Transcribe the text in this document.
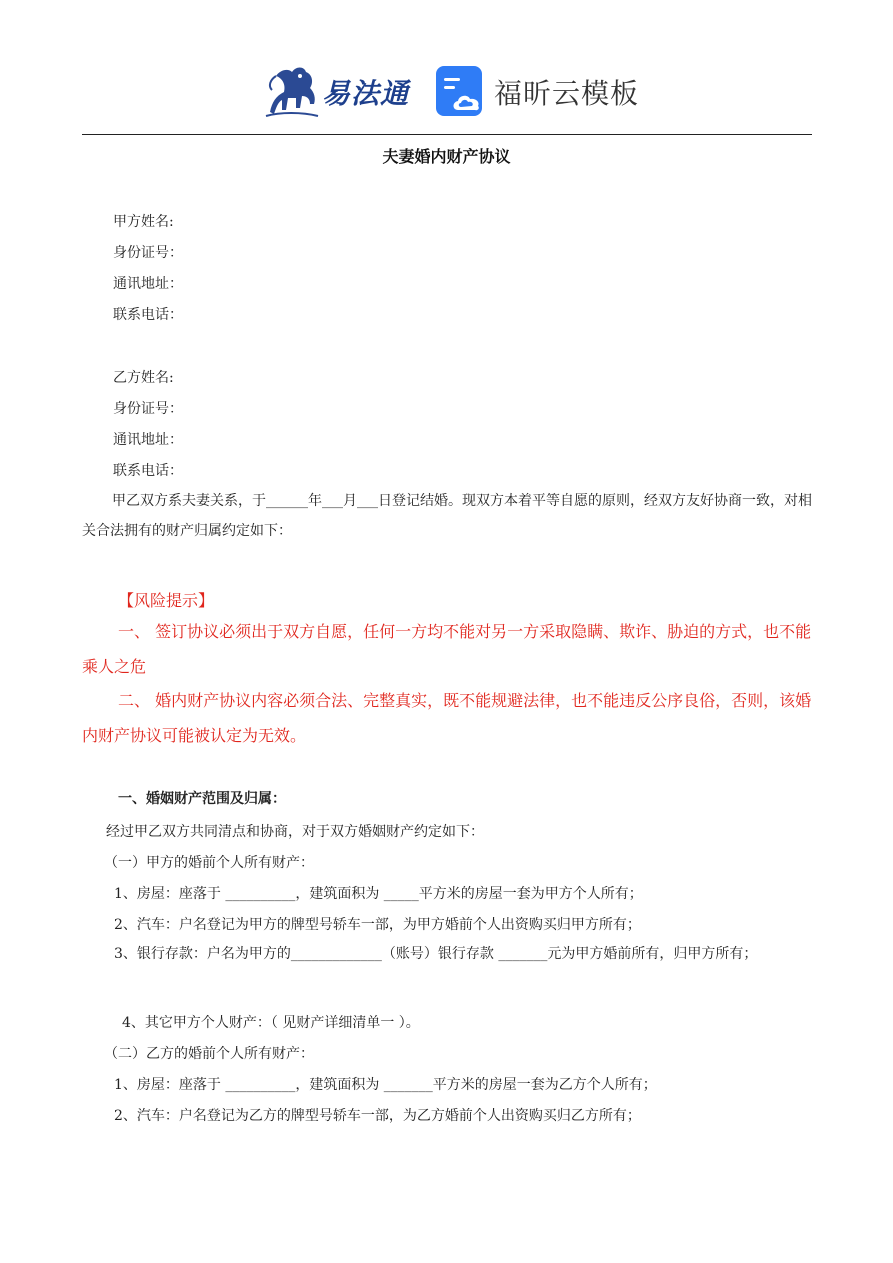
易法通	福昕云模板
夫妻婚内财产协议
甲方姓名:
身份证号：
通讯地址：
联系电话：
乙方姓名:
身份证号：
通讯地址：
联系电话：
甲乙双方系夫妻关系，于______年___月___日登记结婚。现双方本着平等自愿的原则，经双方友好协商一致，对相关合法拥有的财产归属约定如下：
【风险提示】
一、 签订协议必须出于双方自愿，任何一方均不能对另一方采取隐瞒、欺诈、胁迫的方式，也不能乘人之危
二、 婚内财产协议内容必须合法、完整真实，既不能规避法律，也不能违反公序良俗，否则，该婚内财产协议可能被认定为无效。
一、婚姻财产范围及归属：
经过甲乙双方共同清点和协商，对于双方婚姻财产约定如下：
（一）甲方的婚前个人所有财产：
1、房屋：座落于 __________，建筑面积为 _____平方米的房屋一套为甲方个人所有；
2、汽车：户名登记为甲方的牌型号轿车一部，为甲方婚前个人出资购买归甲方所有；
3、银行存款：户名为甲方的_____________（账号）银行存款 _______元为甲方婚前所有，归甲方所有；
4、其它甲方个人财产：（ 见财产详细清单一 ）。
（二）乙方的婚前个人所有财产：
1、房屋：座落于 __________，建筑面积为 _______平方米的房屋一套为乙方个人所有；
2、汽车：户名登记为乙方的牌型号轿车一部，为乙方婚前个人出资购买归乙方所有；
